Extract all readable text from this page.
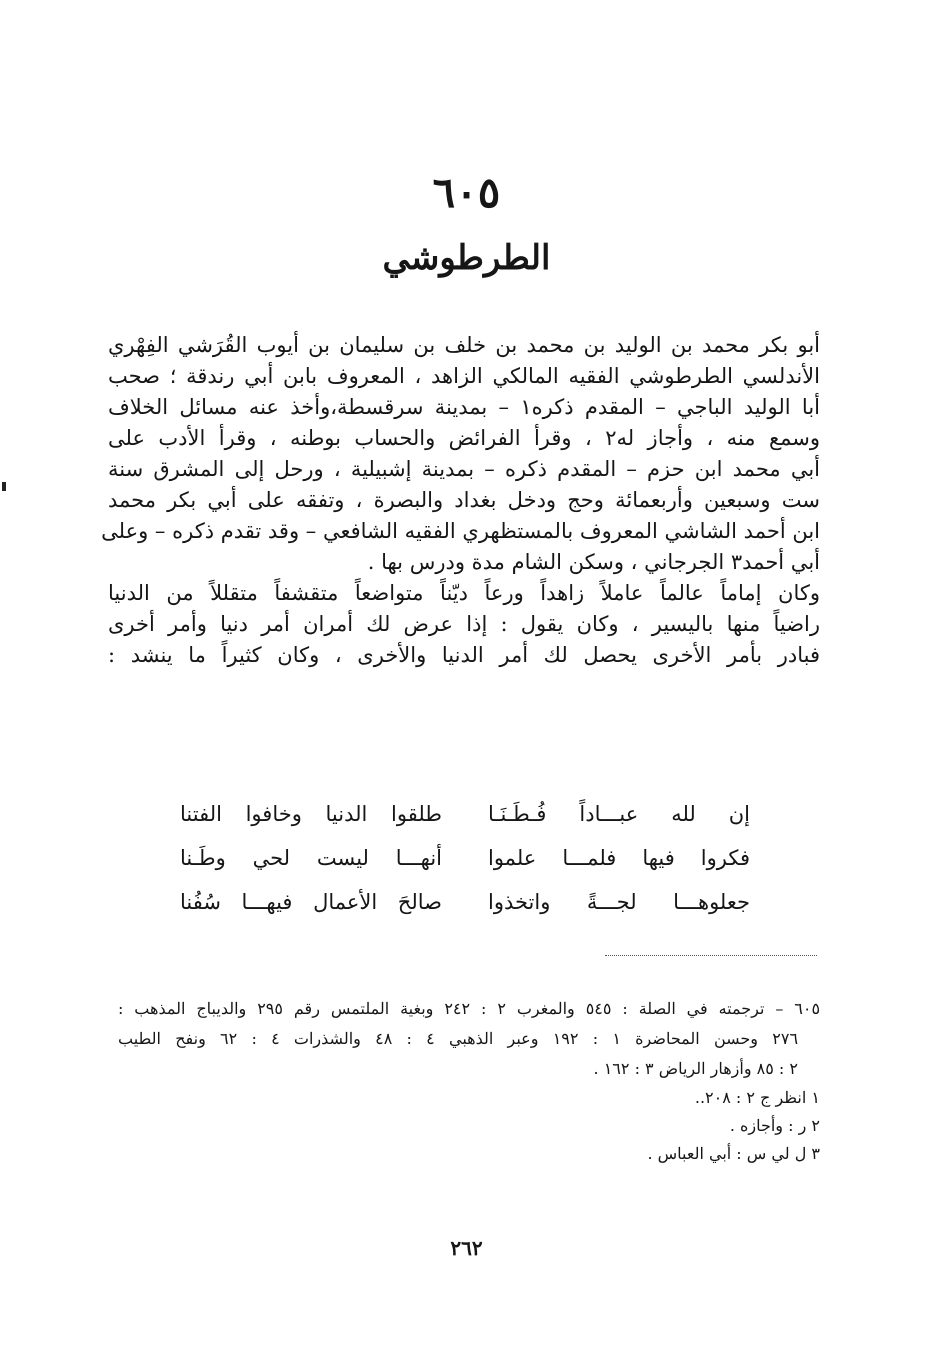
٦٠٥
الطرطوشي
أبو بكر محمد بن الوليد بن محمد بن خلف بن سليمان بن أيوب القُرَشي الفِهْري
الأندلسي الطرطوشي الفقيه المالكي الزاهد ، المعروف بابن أبي رندقة ؛ صحب
أبا الوليد الباجي – المقدم ذكره١ – بمدينة سرقسطة،وأخذ عنه مسائل الخلاف
وسمع منه ، وأجاز له٢ ، وقرأ الفرائض والحساب بوطنه ، وقرأ الأدب على
أبي محمد ابن حزم – المقدم ذكره – بمدينة إشبيلية ، ورحل إلى المشرق سنة
ست وسبعين وأربعمائة وحج ودخل بغداد والبصرة ، وتفقه على أبي بكر محمد
ابن أحمد الشاشي المعروف بالمستظهري الفقيه الشافعي – وقد تقدم ذكره – وعلى
أبي أحمد٣ الجرجاني ، وسكن الشام مدة ودرس بها .
وكان إماماً عالماً عاملاً زاهداً ورعاً ديّناً متواضعاً متقشفاً متقللاً من الدنيا
راضياً منها باليسير ، وكان يقول : إذا عرض لك أمران أمر دنيا وأمر أخرى
فبادر بأمر الأخرى يحصل لك أمر الدنيا والأخرى ، وكان كثيراً ما ينشد :
إن لله عبـــاداً فُـطَـنَـا
طلقوا الدنيا وخافوا الفتنا
فكروا فيها فلمـــا علموا
أنهـــا ليست لحي وطَـنا
جعلوهـــا لجـــةً واتخذوا
صالحَ الأعمال فيهـــا سُفُنا
٦٠٥ – ترجمته في الصلة : ٥٤٥ والمغرب ٢ : ٢٤٢ وبغية الملتمس رقم ٢٩٥ والديباج المذهب :
٢٧٦ وحسن المحاضرة ١ : ١٩٢ وعبر الذهبي ٤ : ٤٨ والشذرات ٤ : ٦٢ ونفح الطيب
٢ : ٨٥ وأزهار الرياض ٣ : ١٦٢ .
١ انظر ج ٢ : ٢٠٨..
٢ ر : وأجازه .
٣ ل لي س : أبي العباس .
٢٦٢
